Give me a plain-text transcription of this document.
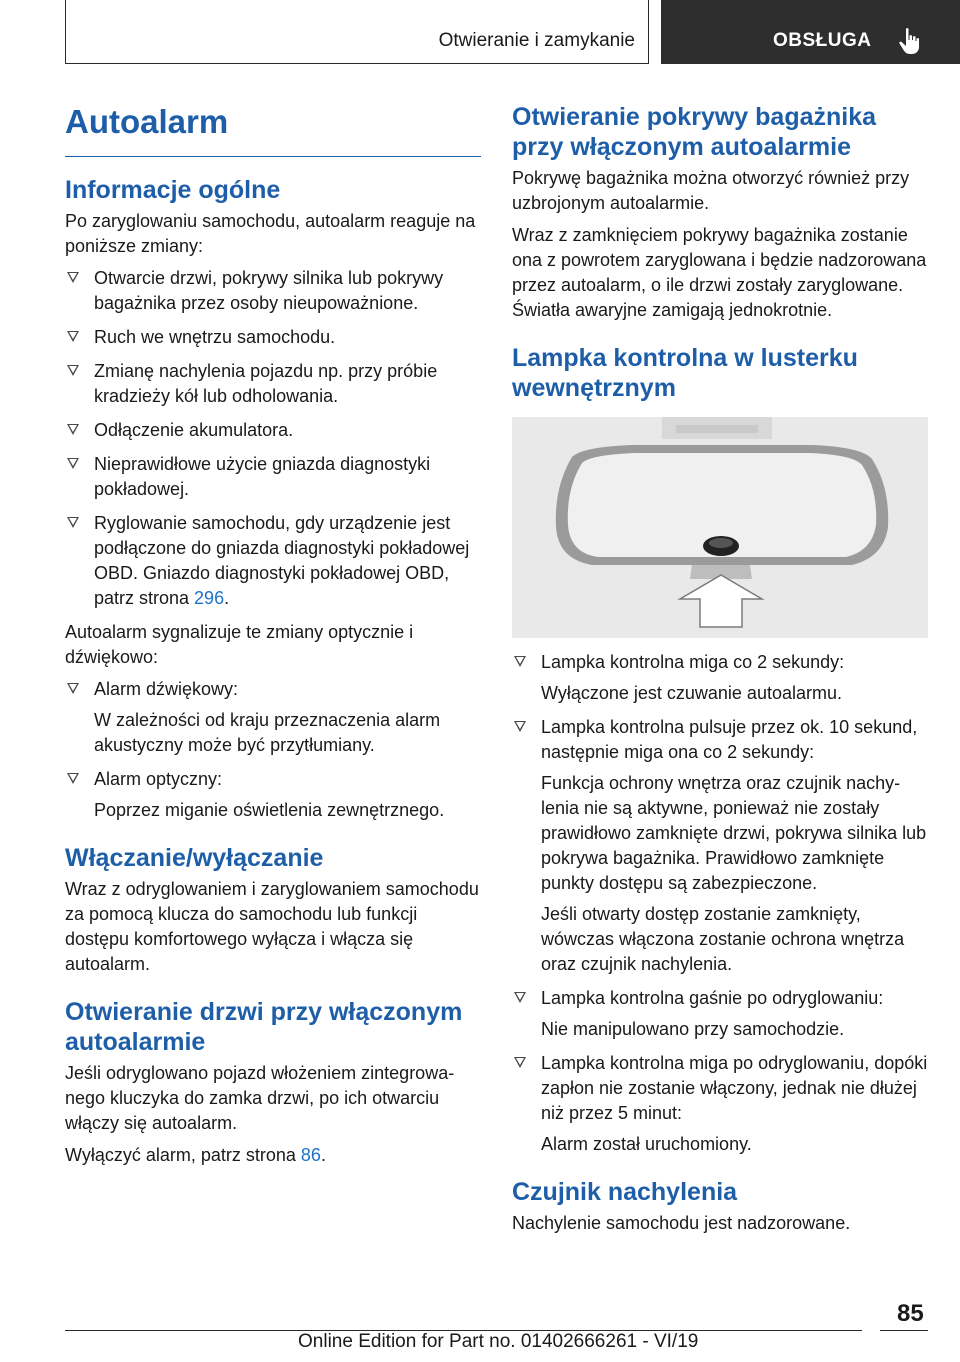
Otwieranie i zamykanie	OBSŁUGA
Autoalarm
Informacje ogólne

Po zaryglowaniu samochodu, autoalarm reaguje na poniższe zmiany:

Otwarcie drzwi, pokrywy silnika lub pokrywy bagażnika przez osoby nieupoważnione.
Ruch we wnętrzu samochodu.
Zmianę nachylenia pojazdu np. przy próbie kradzieży kół lub odholowania.
Odłączenie akumulatora.
Nieprawidłowe użycie gniazda diagnostyki pokładowej.
Ryglowanie samochodu, gdy urządzenie jest podłączone do gniazda diagnostyki pokładowej OBD. Gniazdo diagnostyki pokładowej OBD, patrz strona 296.

Autoalarm sygnalizuje te zmiany optycznie i dźwiękowo:

Alarm dźwiękowy:
W zależności od kraju przeznaczenia alarm akustyczny może być przytłumiany.
Alarm optyczny:
Poprzez miganie oświetlenia zewnętrznego.
Włączanie/wyłączanie

Wraz z odryglowaniem i zaryglowaniem samochodu za pomocą klucza do samochodu lub funkcji dostępu komfortowego wyłącza i włącza się autoalarm.

Otwieranie drzwi przy włączonym autoalarmie

Jeśli odryglowano pojazd włożeniem zintegrowanego kluczyka do zamka drzwi, po ich otwarciu włączy się autoalarm.

Wyłączyć alarm, patrz strona 86.

Otwieranie pokrywy bagażnika przy włączonym autoalarmie

Pokrywę bagażnika można otworzyć również przy uzbrojonym autoalarmie.

Wraz z zamknięciem pokrywy bagażnika zostanie ona z powrotem zaryglowana i będzie nadzorowana przez autoalarm, o ile drzwi zostały zaryglowane. Światła awaryjne zamigają jednokrotnie.

Lampka kontrolna w lusterku wewnętrznym
Lampka kontrolna miga co 2 sekundy:
Wyłączone jest czuwanie autoalarmu.
Lampka kontrolna pulsuje przez ok. 10 sekund, następnie miga ona co 2 sekundy:
Funkcja ochrony wnętrza oraz czujnik nachylenia nie są aktywne, ponieważ nie zostały prawidłowo zamknięte drzwi, pokrywa silnika lub pokrywa bagażnika. Prawidłowo zamknięte punkty dostępu są zabezpieczone.
Jeśli otwarty dostęp zostanie zamknięty, wówczas włączona zostanie ochrona wnętrza oraz czujnik nachylenia.
Lampka kontrolna gaśnie po odryglowaniu:
Nie manipulowano przy samochodzie.
Lampka kontrolna miga po odryglowaniu, dopóki zapłon nie zostanie włączony, jednak nie dłużej niż przez 5 minut:
Alarm został uruchomiony.
Czujnik nachylenia

Nachylenie samochodu jest nadzorowane.

85
Online Edition for Part no. 01402666261 - VI/19
